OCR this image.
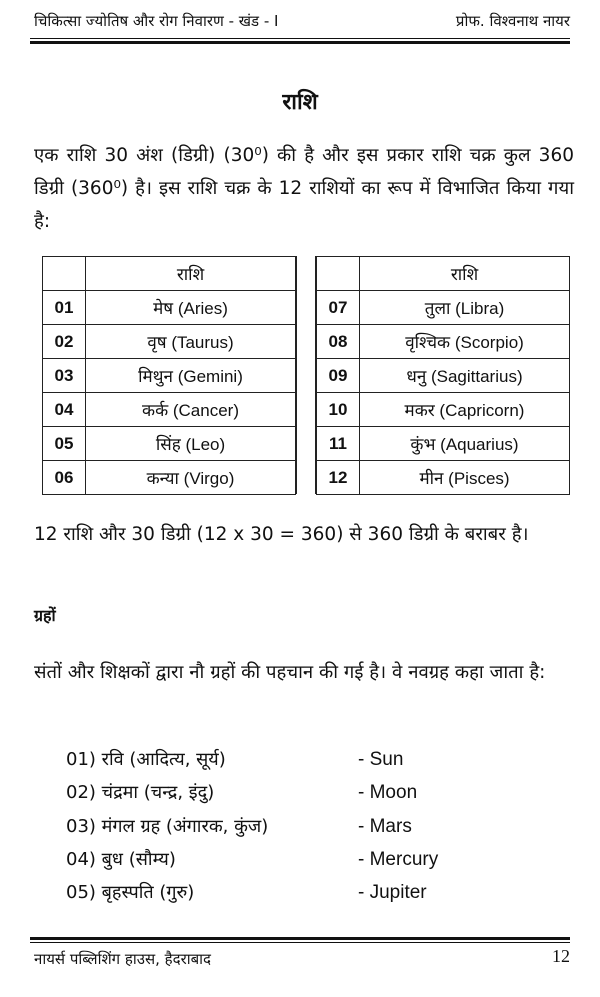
चिकित्सा ज्योतिष और रोग निवारण - खंड - I	प्रोफ. विश्वनाथ नायर
राशि
एक राशि 30 अंश (डिग्री) (30⁰) की है और इस प्रकार राशि चक्र कुल 360 डिग्री (360⁰) है। इस राशि चक्र के 12 राशियों का रूप में विभाजित किया गया है:
	राशि
01	मेष (Aries)
02	वृष (Taurus)
03	मिथुन (Gemini)
04	कर्क (Cancer)
05	सिंह (Leo)
06	कन्या (Virgo)
	राशि
07	तुला (Libra)
08	वृश्चिक (Scorpio)
09	धनु (Sagittarius)
10	मकर (Capricorn)
11	कुंभ (Aquarius)
12	मीन (Pisces)
12 राशि और 30 डिग्री (12 x 30 = 360) से 360 डिग्री के बराबर है।
ग्रहों
संतों और शिक्षकों द्वारा नौ ग्रहों की पहचान की गई है। वे नवग्रह कहा जाता है:
01) रवि (आदित्य, सूर्य)	- Sun
02) चंद्रमा (चन्द्र, इंदु)	- Moon
03) मंगल ग्रह (अंगारक, कुंज)	- Mars
04) बुध (सौम्य)	- Mercury
05) बृहस्पति (गुरु)	- Jupiter
नायर्स पब्लिशिंग हाउस, हैदराबाद	12
